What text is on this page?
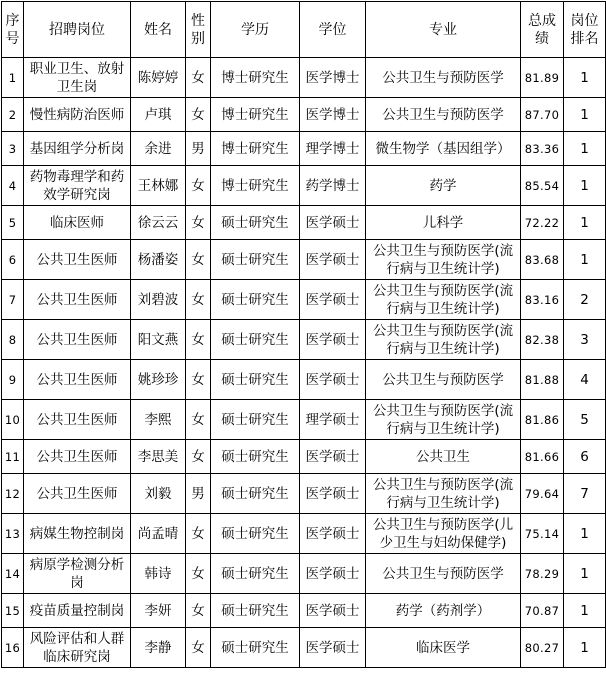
序号	招聘岗位	姓名	性别	学历	学位	专业	总成绩	岗位排名
1	职业卫生、放射卫生岗	陈婷婷	女	博士研究生	医学博士	公共卫生与预防医学	81.89	1
2	慢性病防治医师	卢琪	女	博士研究生	医学博士	公共卫生与预防医学	87.70	1
3	基因组学分析岗	余进	男	博士研究生	理学博士	微生物学（基因组学）	83.36	1
4	药物毒理学和药效学研究岗	王林娜	女	博士研究生	药学博士	药学	85.54	1
5	临床医师	徐云云	女	硕士研究生	医学硕士	儿科学	72.22	1
6	公共卫生医师	杨潘姿	女	硕士研究生	医学硕士	公共卫生与预防医学(流行病与卫生统计学)	83.68	1
7	公共卫生医师	刘碧波	女	硕士研究生	医学硕士	公共卫生与预防医学(流行病与卫生统计学)	83.16	2
8	公共卫生医师	阳文燕	女	硕士研究生	医学硕士	公共卫生与预防医学(流行病与卫生统计学)	82.38	3
9	公共卫生医师	姚珍珍	女	硕士研究生	医学硕士	公共卫生与预防医学	81.88	4
10	公共卫生医师	李熙	女	硕士研究生	理学硕士	公共卫生与预防医学(流行病与卫生统计学)	81.86	5
11	公共卫生医师	李思美	女	硕士研究生	医学硕士	公共卫生	81.66	6
12	公共卫生医师	刘毅	男	硕士研究生	医学硕士	公共卫生与预防医学(流行病与卫生统计学)	79.64	7
13	病媒生物控制岗	尚孟晴	女	硕士研究生	医学硕士	公共卫生与预防医学(儿少卫生与妇幼保健学)	75.14	1
14	病原学检测分析岗	韩诗	女	硕士研究生	医学硕士	公共卫生与预防医学	78.29	1
15	疫苗质量控制岗	李妍	女	硕士研究生	医学硕士	药学（药剂学）	70.87	1
16	风险评估和人群临床研究岗	李静	女	硕士研究生	医学硕士	临床医学	80.27	1
